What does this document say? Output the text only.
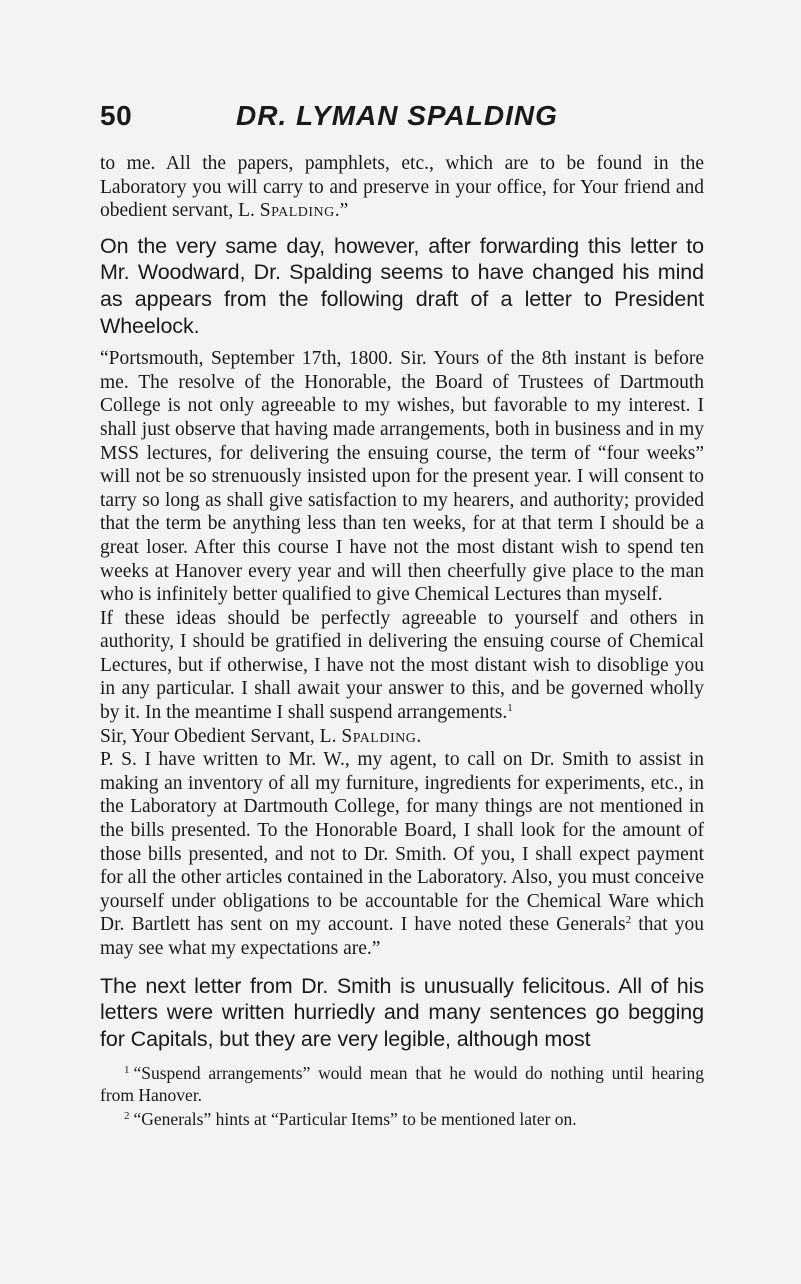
50	DR. LYMAN SPALDING

to me. All the papers, pamphlets, etc., which are to be found in the Laboratory you will carry to and preserve in your office, for Your friend and obedient servant, L. Spalding.”

On the very same day, however, after forwarding this letter to Mr. Woodward, Dr. Spalding seems to have changed his mind as appears from the following draft of a letter to President Wheelock.

“Portsmouth, September 17th, 1800. Sir. Yours of the 8th instant is before me. The resolve of the Honorable, the Board of Trustees of Dartmouth College is not only agreeable to my wishes, but favorable to my interest. I shall just observe that having made arrangements, both in business and in my MSS lectures, for delivering the ensuing course, the term of “four weeks” will not be so strenuously insisted upon for the present year. I will consent to tarry so long as shall give satisfaction to my hearers, and authority; provided that the term be anything less than ten weeks, for at that term I should be a great loser. After this course I have not the most distant wish to spend ten weeks at Hanover every year and will then cheerfully give place to the man who is infinitely better qualified to give Chemical Lectures than myself.

If these ideas should be perfectly agreeable to yourself and others in authority, I should be gratified in delivering the ensuing course of Chemical Lectures, but if otherwise, I have not the most distant wish to disoblige you in any particular. I shall await your answer to this, and be governed wholly by it. In the meantime I shall suspend arrangements.$^1$

Sir, Your Obedient Servant, L. Spalding.

P. S. I have written to Mr. W., my agent, to call on Dr. Smith to assist in making an inventory of all my furniture, ingredients for experiments, etc., in the Laboratory at Dartmouth College, for many things are not mentioned in the bills presented. To the Honorable Board, I shall look for the amount of those bills presented, and not to Dr. Smith. Of you, I shall expect payment for all the other articles contained in the Laboratory. Also, you must conceive yourself under obligations to be accountable for the Chemical Ware which Dr. Bartlett has sent on my account. I have noted these Generals$^2$ that you may see what my expectations are.”

The next letter from Dr. Smith is unusually felicitous. All of his letters were written hurriedly and many sentences go begging for Capitals, but they are very legible, although most

$^1$ “Suspend arrangements” would mean that he would do nothing until hearing from Hanover.

$^2$ “Generals” hints at “Particular Items” to be mentioned later on.
